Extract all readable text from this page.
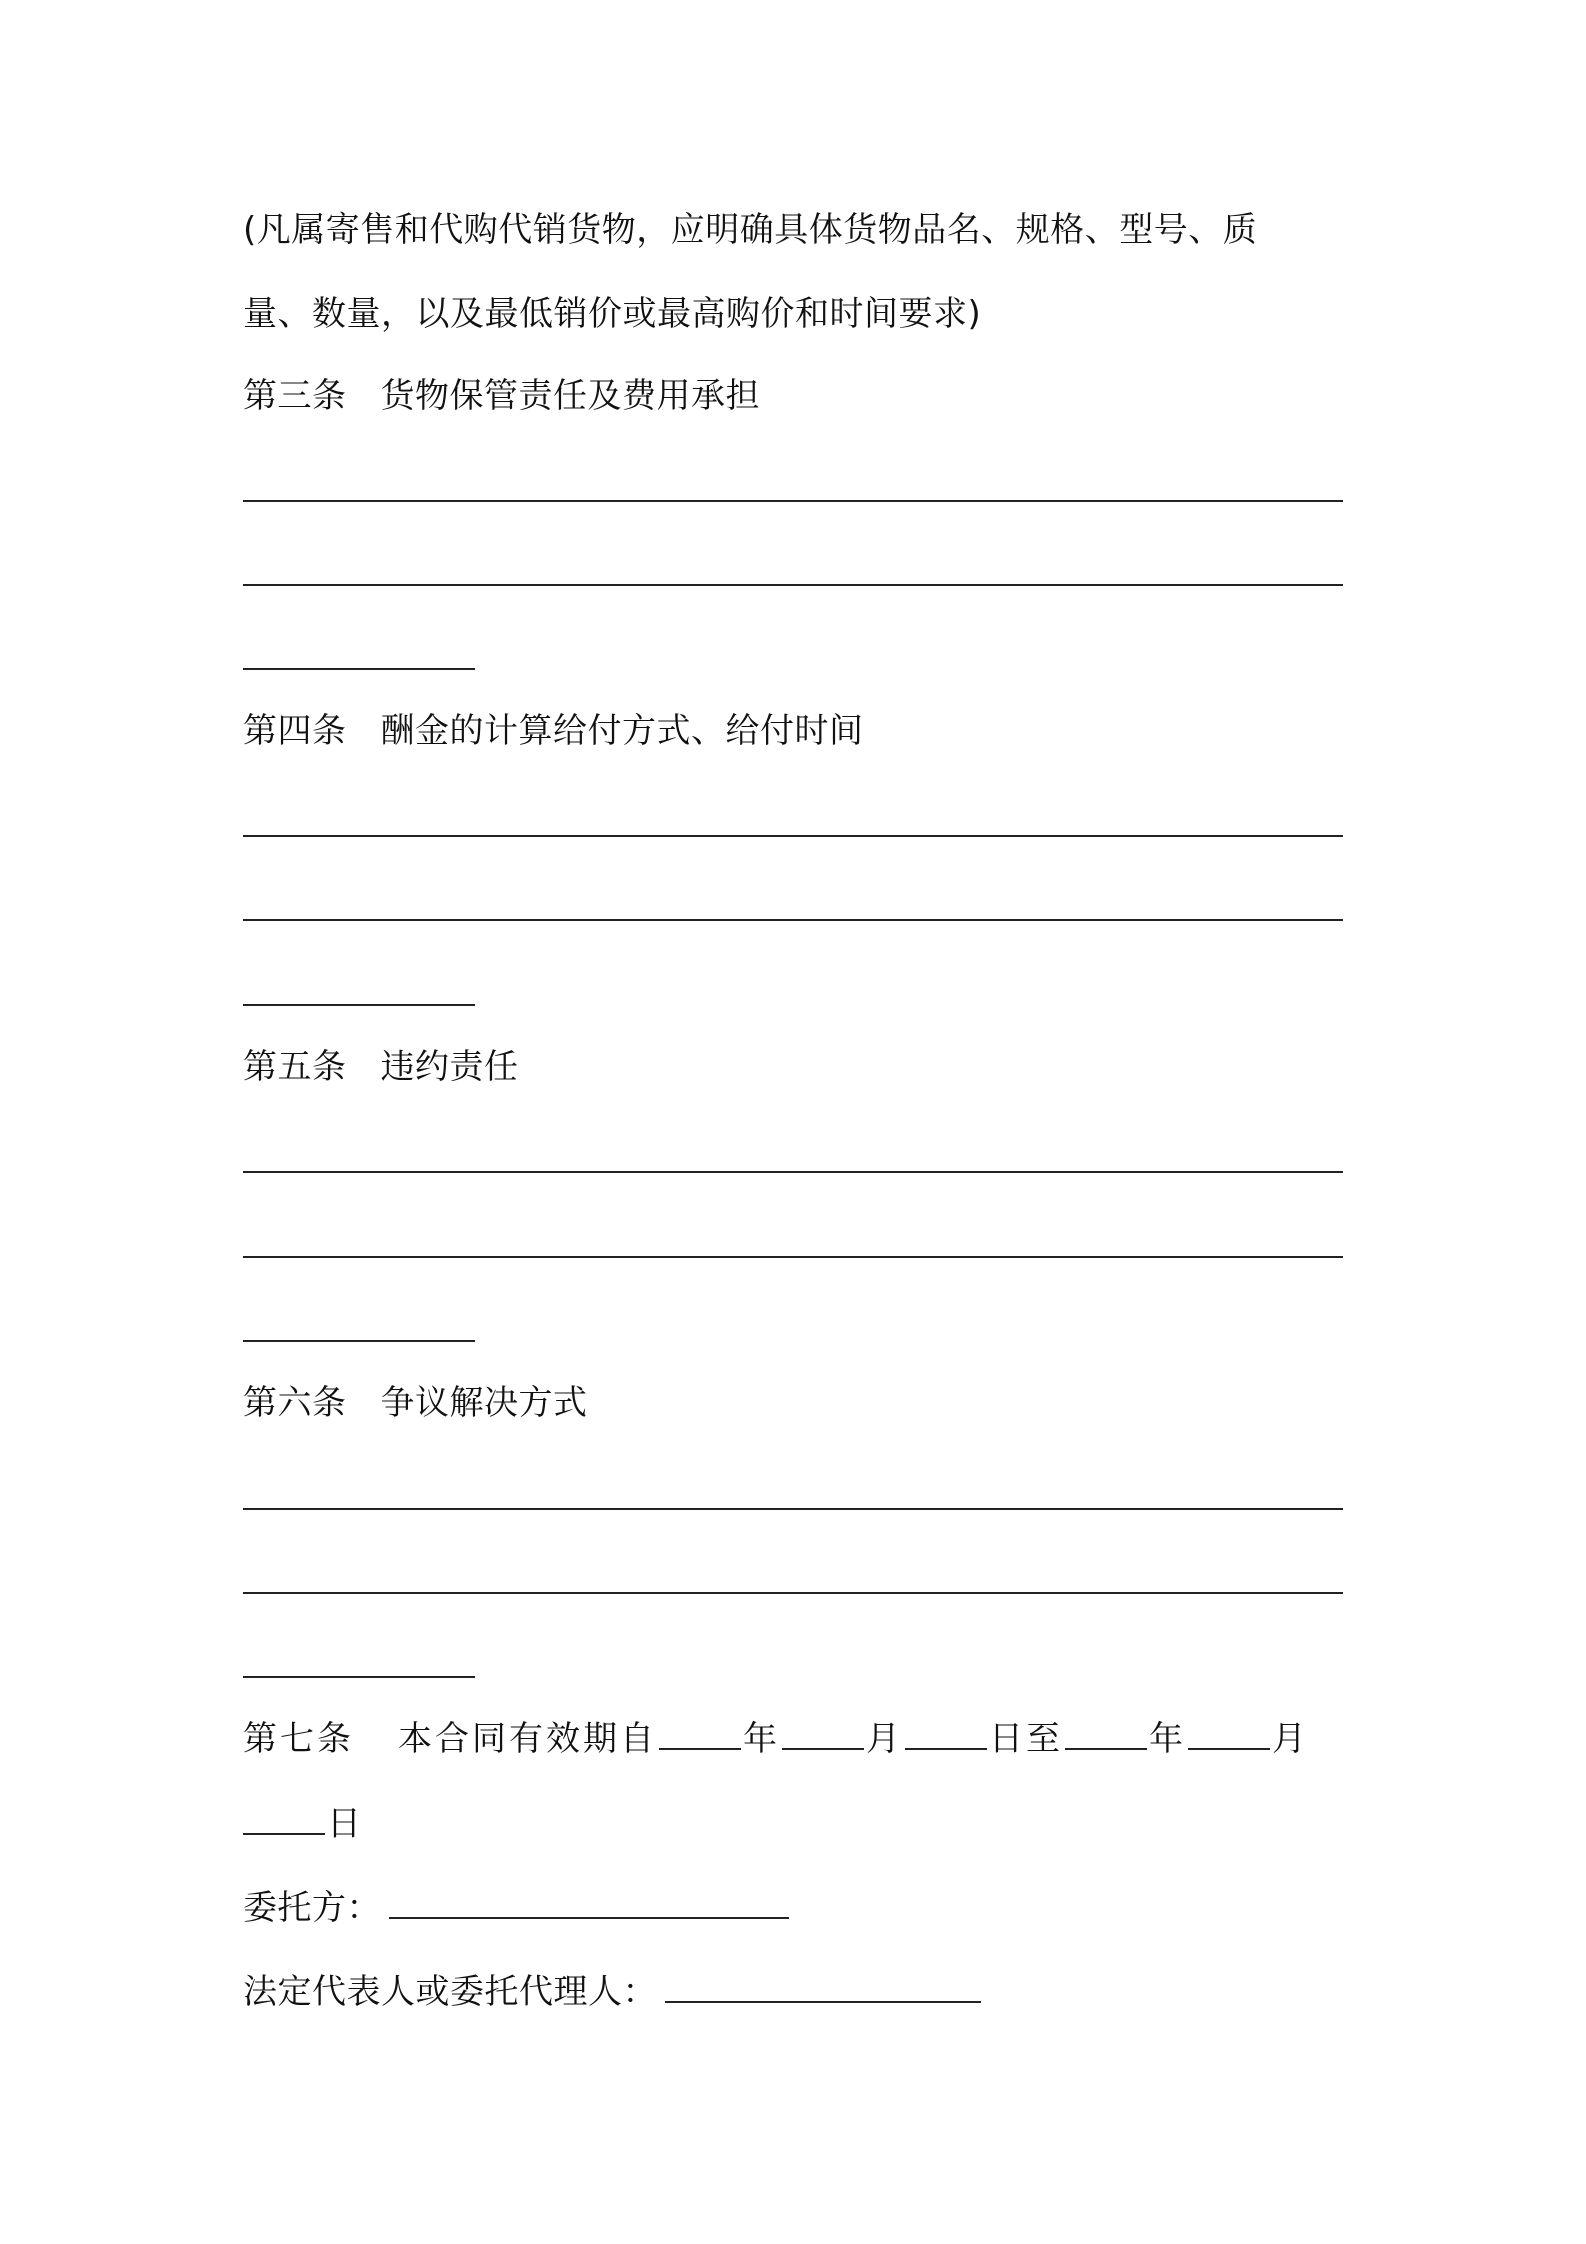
(凡属寄售和代购代销货物，应明确具体货物品名、规格、型号、质
量、数量，以及最低销价或最高购价和时间要求)
第三条 货物保管责任及费用承担
第四条 酬金的计算给付方式、给付时间
第五条 违约责任
第六条 争议解决方式
第七条 本合同有效期自	年	月	日至	年	月
日
委托方：
法定代表人或委托代理人：
